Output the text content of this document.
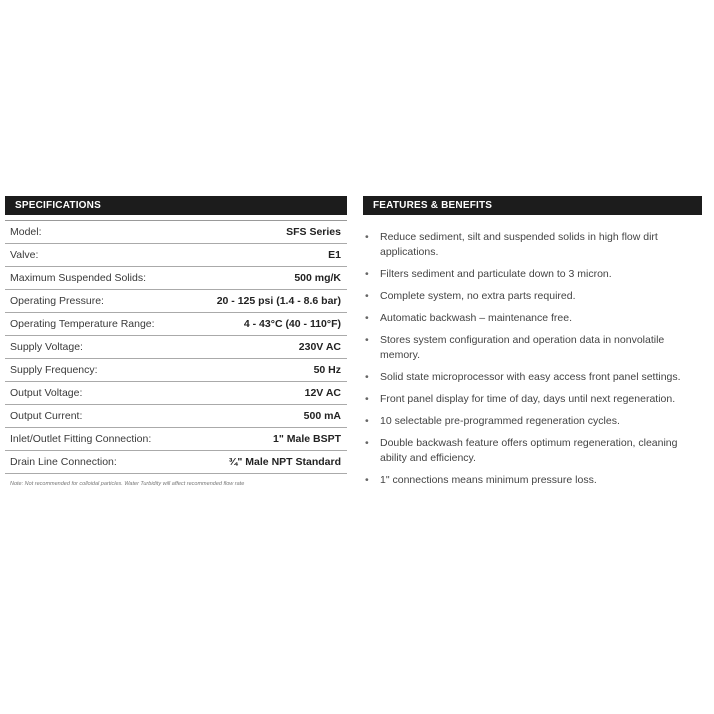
SPECIFICATIONS
Model:	SFS Series
Valve:	E1
Maximum Suspended Solids:	500 mg/K
Operating Pressure:	20 - 125 psi (1.4 - 8.6 bar)
Operating Temperature Range:	4 - 43°C (40 - 110°F)
Supply Voltage:	230V AC
Supply Frequency:	50 Hz
Output Voltage:	12V AC
Output Current:	500 mA
Inlet/Outlet Fitting Connection:	1" Male BSPT
Drain Line Connection:	¾" Male NPT Standard
Note: Not recommended for colloidal particles. Water Turbidity will affect recommended flow rate
FEATURES & BENEFITS
• Reduce sediment, silt and suspended solids in high flow dirt applications.
• Filters sediment and particulate down to 3 micron.
• Complete system, no extra parts required.
• Automatic backwash – maintenance free.
• Stores system configuration and operation data in nonvolatile memory.
• Solid state microprocessor with easy access front panel settings.
• Front panel display for time of day, days until next regeneration.
• 10 selectable pre-programmed regeneration cycles.
• Double backwash feature offers optimum regeneration, cleaning ability and efficiency.
• 1" connections means minimum pressure loss.
